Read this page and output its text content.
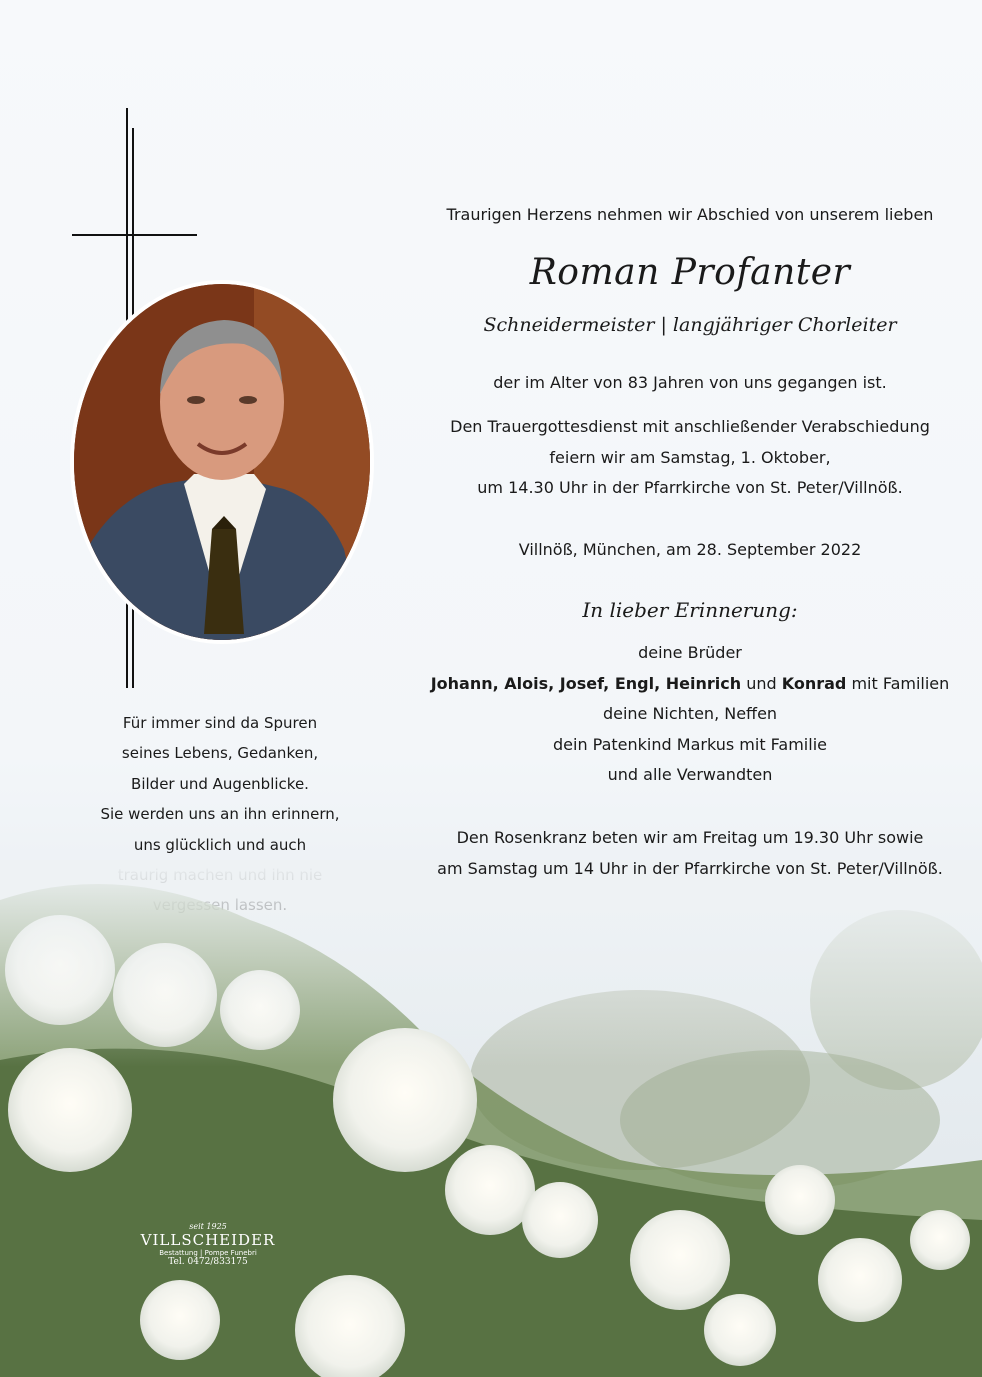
Für immer sind da Spuren
seines Lebens, Gedanken,
Bilder und Augenblicke.
Sie werden uns an ihn erinnern,
uns glücklich und auch
Traurigen Herzens nehmen wir Abschied von unserem lieben
Roman Profanter
Schneidermeister | langjähriger Chorleiter
der im Alter von 83 Jahren von uns gegangen ist.
Den Trauergottesdienst mit anschließender Verabschiedung
feiern wir am Samstag, 1. Oktober,
um 14.30 Uhr in der Pfarrkirche von St. Peter/Villnöß.
Villnöß, München, am 28. September 2022
In lieber Erinnerung:
deine Brüder
Johann, Alois, Josef, Engl, Heinrich und Konrad mit Familien
deine Nichten, Neffen
dein Patenkind Markus mit Familie
und alle Verwandten
Den Rosenkranz beten wir am Freitag um 19.30 Uhr sowie
am Samstag um 14 Uhr in der Pfarrkirche von St. Peter/Villnöß.
seit 1925
VILLSCHEIDER
Bestattung | Pompe Funebri
Tel. 0472/833175
